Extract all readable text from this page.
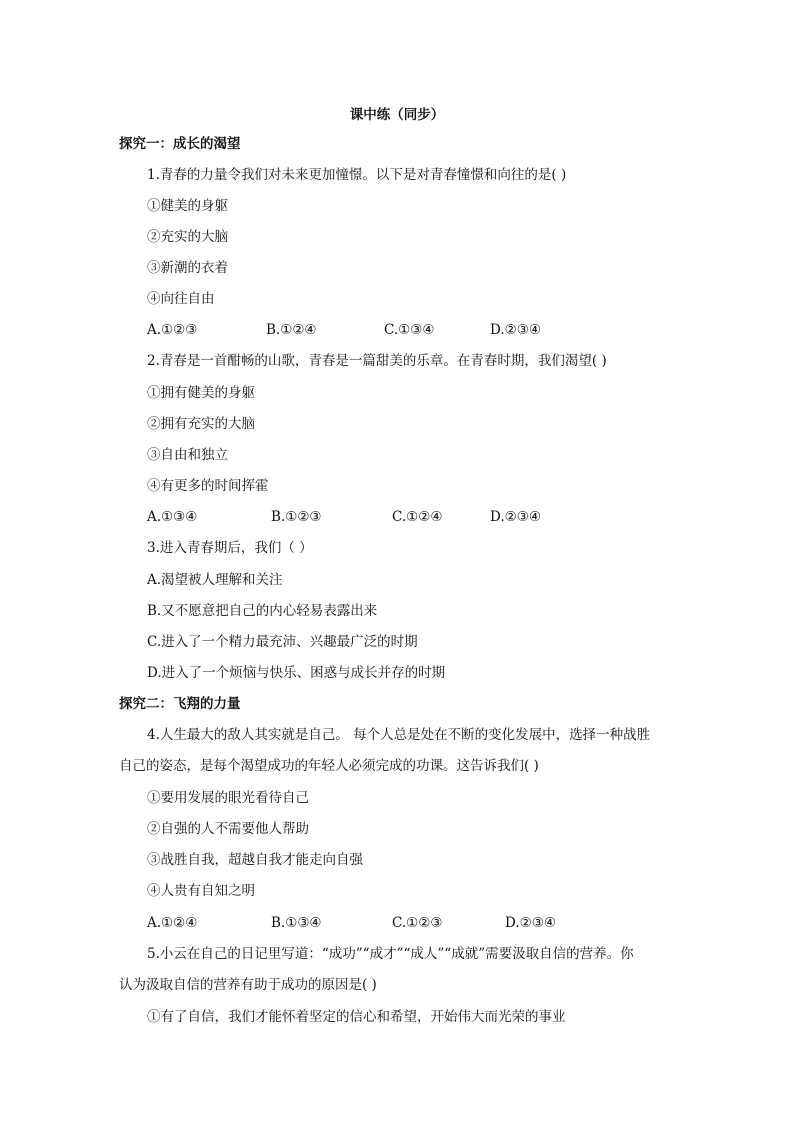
课中练（同步）
探究一：成长的渴望
1.青春的力量令我们对未来更加憧憬。以下是对青春憧憬和向往的是( )
①健美的身躯
②充实的大脑
③新潮的衣着
④向往自由
A.①②③	B.①②④	C.①③④	D.②③④
2.青春是一首酣畅的山歌，青春是一篇甜美的乐章。在青春时期，我们渴望( )
①拥有健美的身躯
②拥有充实的大脑
③自由和独立
④有更多的时间挥霍
A.①③④	B.①②③	C.①②④	D.②③④
3.进入青春期后，我们（ ）
A.渴望被人理解和关注
B.又不愿意把自己的内心轻易表露出来
C.进入了一个精力最充沛、兴趣最广泛的时期
D.进入了一个烦恼与快乐、困惑与成长并存的时期
探究二：飞翔的力量
4.人生最大的敌人其实就是自己。 每个人总是处在不断的变化发展中，选择一种战胜
自己的姿态，是每个渴望成功的年轻人必须完成的功课。这告诉我们( )
①要用发展的眼光看待自己
②自强的人不需要他人帮助
③战胜自我，超越自我才能走向自强
④人贵有自知之明
A.①②④	B.①③④	C.①②③	D.②③④
5.小云在自己的日记里写道：“成功”“成才”“成人”“成就”需要汲取自信的营养。你
认为汲取自信的营养有助于成功的原因是( )
①有了自信，我们才能怀着坚定的信心和希望，开始伟大而光荣的事业
